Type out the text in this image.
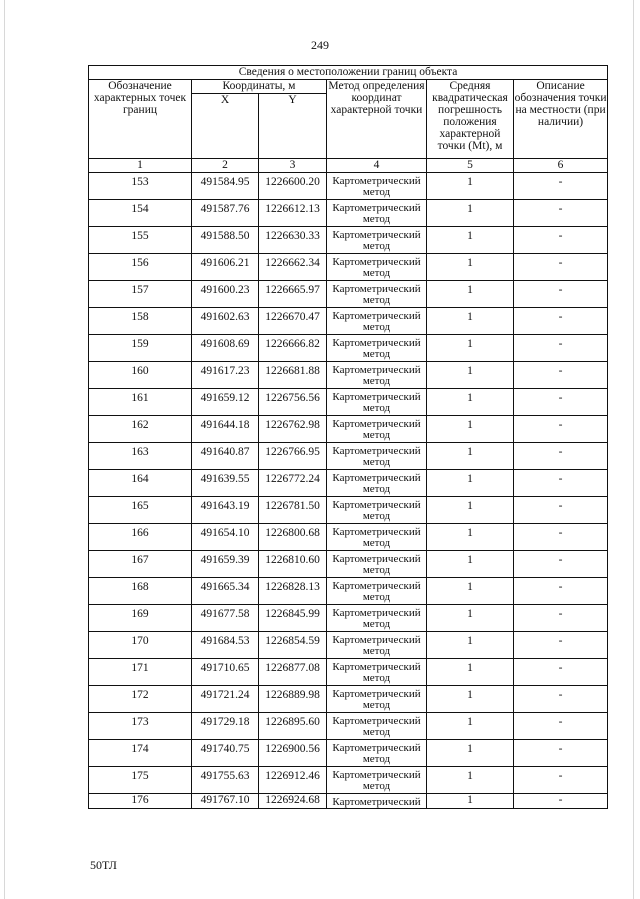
249
Сведения о местоположении границ объекта					
Обозначение характерных точек границ	Координаты, м		Метод определения координат характерной точки	Средняя квадратическая погрешность положения характерной точки (Mt), м	Описание обозначения точки на местности (при наличии)
	X	Y			
1	2	3	4	5	6
153	491584.95	1226600.20	Картометрический метод	1	-
154	491587.76	1226612.13	Картометрический метод	1	-
155	491588.50	1226630.33	Картометрический метод	1	-
156	491606.21	1226662.34	Картометрический метод	1	-
157	491600.23	1226665.97	Картометрический метод	1	-
158	491602.63	1226670.47	Картометрический метод	1	-
159	491608.69	1226666.82	Картометрический метод	1	-
160	491617.23	1226681.88	Картометрический метод	1	-
161	491659.12	1226756.56	Картометрический метод	1	-
162	491644.18	1226762.98	Картометрический метод	1	-
163	491640.87	1226766.95	Картометрический метод	1	-
164	491639.55	1226772.24	Картометрический метод	1	-
165	491643.19	1226781.50	Картометрический метод	1	-
166	491654.10	1226800.68	Картометрический метод	1	-
167	491659.39	1226810.60	Картометрический метод	1	-
168	491665.34	1226828.13	Картометрический метод	1	-
169	491677.58	1226845.99	Картометрический метод	1	-
170	491684.53	1226854.59	Картометрический метод	1	-
171	491710.65	1226877.08	Картометрический метод	1	-
172	491721.24	1226889.98	Картометрический метод	1	-
173	491729.18	1226895.60	Картометрический метод	1	-
174	491740.75	1226900.56	Картометрический метод	1	-
175	491755.63	1226912.46	Картометрический метод	1	-
176	491767.10	1226924.68	Картометрический	1	-
50ТЛ
